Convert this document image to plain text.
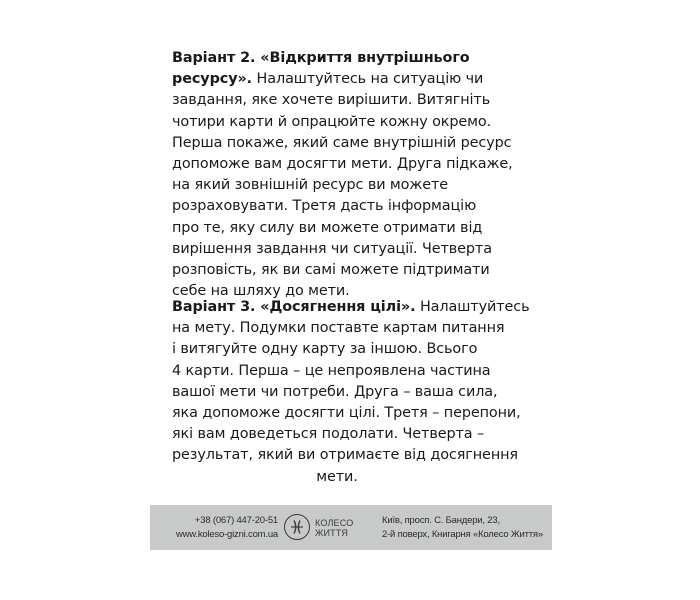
Варіант 2. «Відкриття внутрішнього
ресурсу». Налаштуйтесь на ситуацію чи
завдання, яке хочете вирішити. Витягніть
чотири карти й опрацюйте кожну окремо.
Перша покаже, який саме внутрішній ресурс
допоможе вам досягти мети. Друга підкаже,
на який зовнішній ресурс ви можете
розраховувати. Третя дасть інформацію
про те, яку силу ви можете отримати від
вирішення завдання чи ситуації. Четверта
розповість, як ви самі можете підтримати
себе на шляху до мети.
Варіант 3. «Досягнення цілі». Налаштуйтесь
на мету. Подумки поставте картам питання
і витягуйте одну карту за іншою. Всього
4 карти. Перша – це непроявлена частина
вашої мети чи потреби. Друга – ваша сила,
яка допоможе досягти цілі. Третя – перепони,
які вам доведеться подолати. Четверта –
результат, який ви отримаєте від досягнення
мети.
+38 (067) 447-20-51
www.koleso-gizni.com.ua
КОЛЕСО
ЖИТТЯ
Київ, просп. С. Бандери, 23,
2-й поверх, Книгарня «Колесо Життя»
